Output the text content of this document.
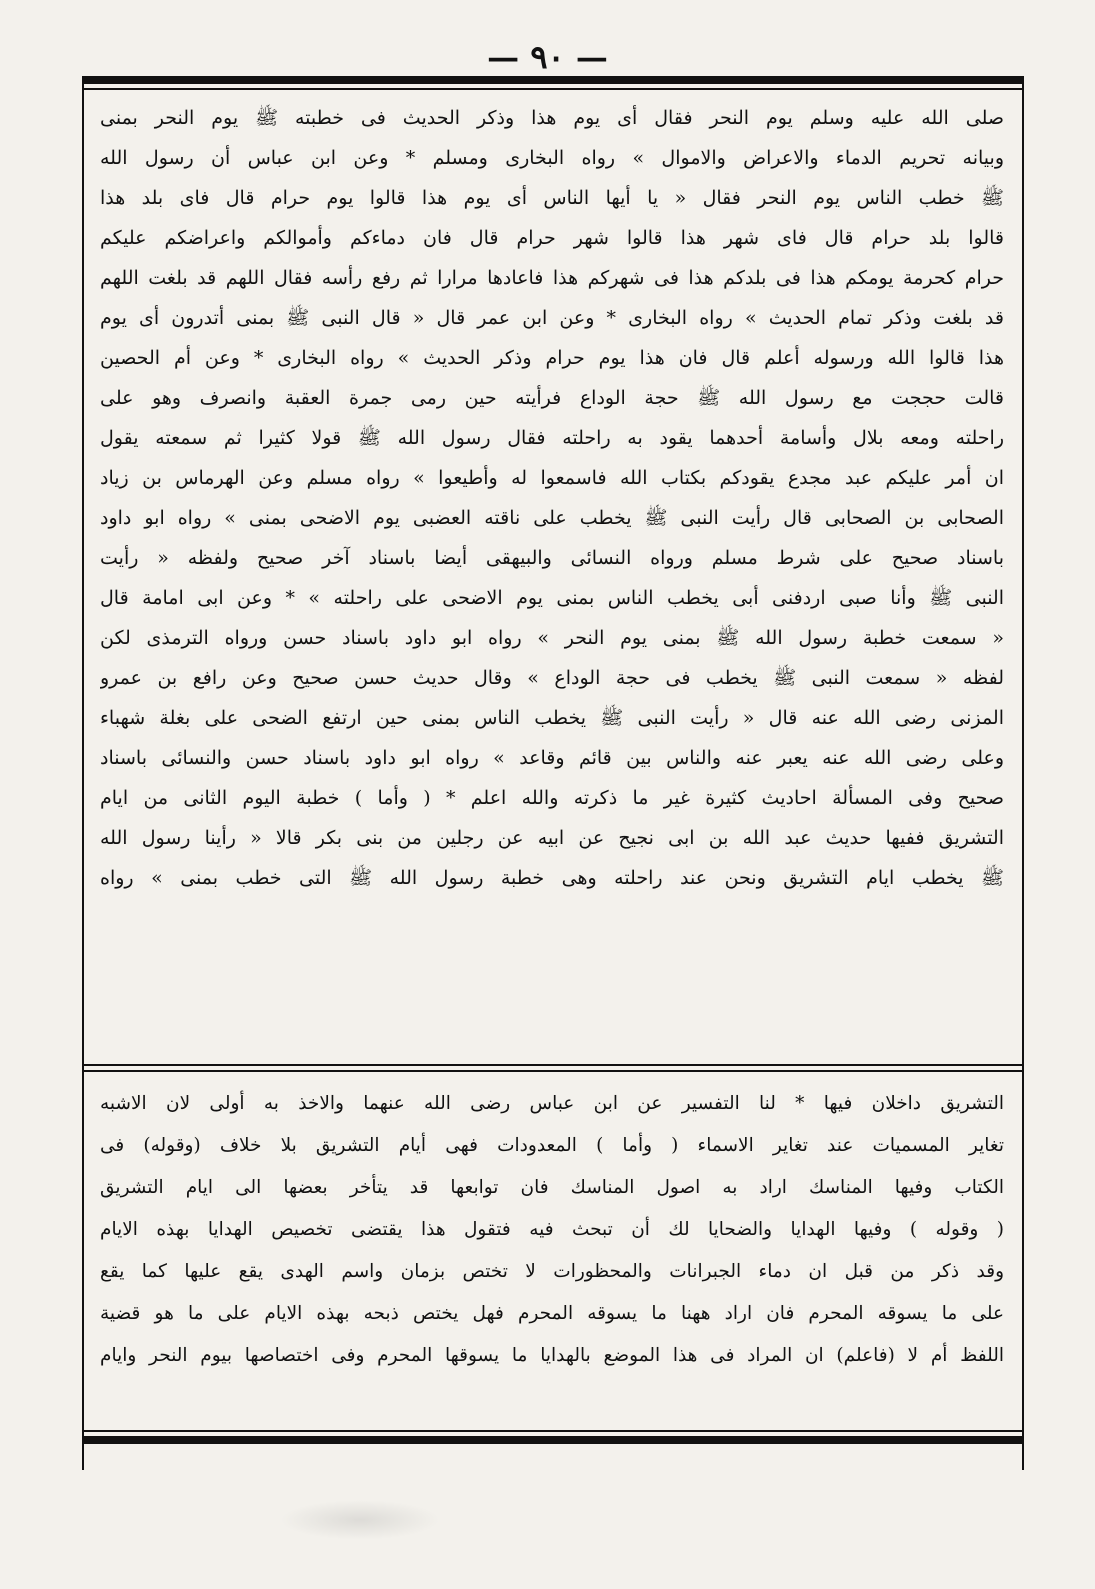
— ٩٠ —
صلى الله عليه وسلم يوم النحر فقال أى يوم هذا وذكر الحديث فى خطبته ﷺ يوم النحر بمنى
وبيانه تحريم الدماء والاعراض والاموال » رواه البخارى ومسلم * وعن ابن عباس أن رسول الله
ﷺ خطب الناس يوم النحر فقال « يا أيها الناس أى يوم هذا قالوا يوم حرام قال فاى بلد هذا
قالوا بلد حرام قال فاى شهر هذا قالوا شهر حرام قال فان دماءكم وأموالكم واعراضكم عليكم
حرام كحرمة يومكم هذا فى بلدكم هذا فى شهركم هذا فاعادها مرارا ثم رفع رأسه فقال اللهم قد بلغت اللهم
قد بلغت وذكر تمام الحديث » رواه البخارى * وعن ابن عمر قال « قال النبى ﷺ بمنى أتدرون أى يوم
هذا قالوا الله ورسوله أعلم قال فان هذا يوم حرام وذكر الحديث » رواه البخارى * وعن أم الحصين
قالت حججت مع رسول الله ﷺ حجة الوداع فرأيته حين رمى جمرة العقبة وانصرف وهو على
راحلته ومعه بلال وأسامة أحدهما يقود به راحلته فقال رسول الله ﷺ قولا كثيرا ثم سمعته يقول
ان أمر عليكم عبد مجدع يقودكم بكتاب الله فاسمعوا له وأطيعوا » رواه مسلم وعن الهرماس بن زياد
الصحابى بن الصحابى قال رأيت النبى ﷺ يخطب على ناقته العضبى يوم الاضحى بمنى » رواه ابو داود
باسناد صحيح على شرط مسلم ورواه النسائى والبيهقى أيضا باسناد آخر صحيح ولفظه « رأيت
النبى ﷺ وأنا صبى اردفنى أبى يخطب الناس بمنى يوم الاضحى على راحلته » * وعن ابى امامة قال
« سمعت خطبة رسول الله ﷺ بمنى يوم النحر » رواه ابو داود باسناد حسن ورواه الترمذى لكن
لفظه « سمعت النبى ﷺ يخطب فى حجة الوداع » وقال حديث حسن صحيح وعن رافع بن عمرو
المزنى رضى الله عنه قال « رأيت النبى ﷺ يخطب الناس بمنى حين ارتفع الضحى على بغلة شهباء
وعلى رضى الله عنه يعبر عنه والناس بين قائم وقاعد » رواه ابو داود باسناد حسن والنسائى باسناد
صحيح وفى المسألة احاديث كثيرة غير ما ذكرته والله اعلم * ( وأما ) خطبة اليوم الثانى من ايام
التشريق ففيها حديث عبد الله بن ابى نجيح عن ابيه عن رجلين من بنى بكر قالا « رأينا رسول الله
ﷺ يخطب ايام التشريق ونحن عند راحلته وهى خطبة رسول الله ﷺ التى خطب بمنى » رواه
التشريق داخلان فيها * لنا التفسير عن ابن عباس رضى الله عنهما والاخذ به أولى لان الاشبه
تغاير المسميات عند تغاير الاسماء ( وأما ) المعدودات فهى أيام التشريق بلا خلاف (وقوله) فى
الكتاب وفيها المناسك اراد به اصول المناسك فان توابعها قد يتأخر بعضها الى ايام التشريق
( وقوله ) وفيها الهدايا والضحايا لك أن تبحث فيه فتقول هذا يقتضى تخصيص الهدايا بهذه الايام
وقد ذكر من قبل ان دماء الجبرانات والمحظورات لا تختص بزمان واسم الهدى يقع عليها كما يقع
على ما يسوقه المحرم فان اراد ههنا ما يسوقه المحرم فهل يختص ذبحه بهذه الايام على ما هو قضية
اللفظ أم لا (فاعلم) ان المراد فى هذا الموضع بالهدايا ما يسوقها المحرم وفى اختصاصها بيوم النحر وايام
